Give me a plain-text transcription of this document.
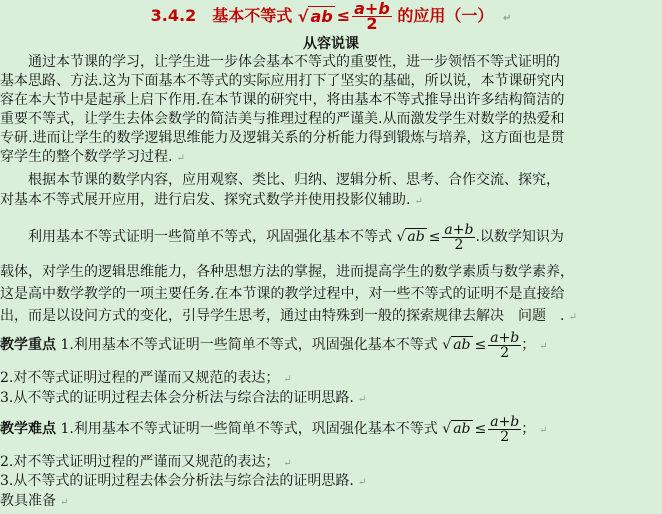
3.4.2　基本不等式 √ ab ≤ $\frac{a+b}{2}$ 的应用（一） ↵
从容说课
　　通过本节课的学习，让学生进一步体会基本不等式的重要性，进一步领悟不等式证明的
基本思路、方法.这为下面基本不等式的实际应用打下了坚实的基础，所以说，本节课研究内
容在本大节中是起承上启下作用.在本节课的研究中，将由基本不等式推导出许多结构简洁的
重要不等式，让学生去体会数学的简洁美与推理过程的严谨美.从而激发学生对数学的热爱和
专研.进而让学生的数学逻辑思维能力及逻辑关系的分析能力得到锻炼与培养，这方面也是贯
穿学生的整个数学学习过程. ↵
　　根据本节课的数学内容，应用观察、类比、归纳、逻辑分析、思考、合作交流、探究，
对基本不等式展开应用，进行启发、探究式数学并使用投影仪辅助. ↵
　　利用基本不等式证明一些简单不等式，巩固强化基本不等式 √ ab ≤ $\frac{a+b}{2}$ .以数学知识为
载体，对学生的逻辑思维能力，各种思想方法的掌握，进而提高学生的数学素质与数学素养，
这是高中数学教学的一项主要任务.在本节课的教学过程中，对一些不等式的证明不是直接给
出，而是以设问方式的变化，引导学生思考，通过由特殊到一般的探索规律去解决　问题　. ↵
教学重点 1.利用基本不等式证明一些简单不等式，巩固强化基本不等式 √ ab ≤ $\frac{a+b}{2}$ ； ↵
2.对不等式证明过程的严谨而又规范的表达； ↵
3.从不等式的证明过程去体会分析法与综合法的证明思路. ↵
教学难点 1.利用基本不等式证明一些简单不等式，巩固强化基本不等式 √ ab ≤ $\frac{a+b}{2}$ ； ↵
2.对不等式证明过程的严谨而又规范的表达； ↵
3.从不等式的证明过程去体会分析法与综合法的证明思路. ↵
教具准备 ↵
